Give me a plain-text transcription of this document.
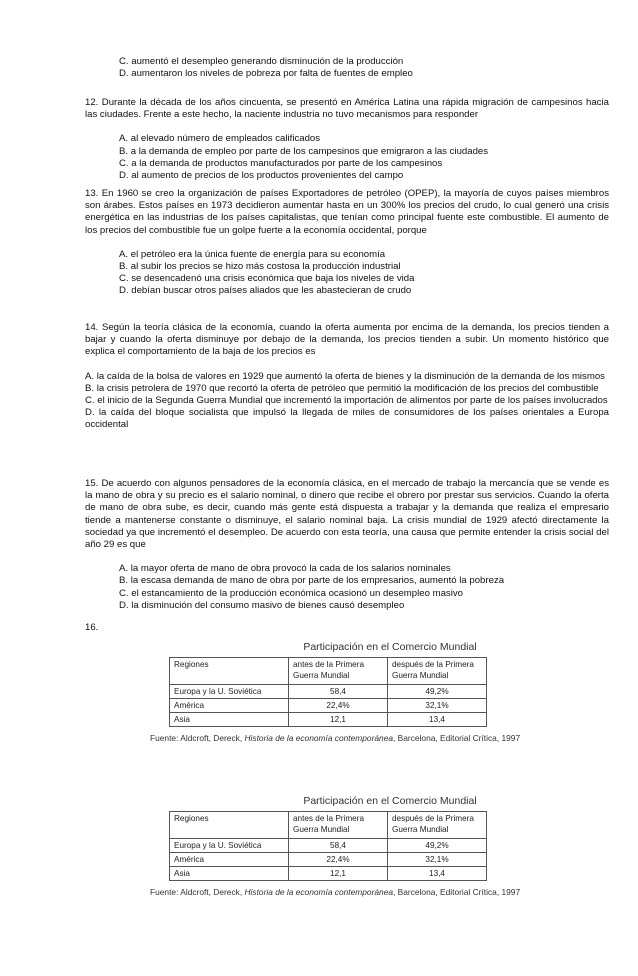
C. aumentó el desempleo generando disminución de la producción

D. aumentaron los niveles de pobreza por falta de fuentes de empleo

12. Durante la década de los años cincuenta, se presentó en América Latina una rápida migración de campesinos hacia las ciudades. Frente a este hecho, la naciente industria no tuvo mecanismos para responder

A. al elevado número de empleados calificados

B. a la demanda de empleo por parte de los campesinos que emigraron a las ciudades

C. a la demanda de productos manufacturados por parte de los campesinos

D. al aumento de precios de los productos provenientes del campo

13. En 1960 se creo la organización de países Exportadores de petróleo (OPEP), la mayoría de cuyos países miembros son árabes. Estos países en 1973 decidieron aumentar hasta en un 300% los precios del crudo, lo cual generó una crisis energética en las industrias de los países capitalistas, que tenían como principal fuente este combustible. El aumento de los precios del combustible fue un golpe fuerte a la economía occidental, porque

A. el petróleo era la única fuente de energía para su economía

B. al subir los precios se hizo más costosa la producción industrial

C. se desencadenó una crisis económica que baja los niveles de vida

D. debían buscar otros países aliados que les abastecieran de crudo

14. Según la teoría clásica de la economía, cuando la oferta aumenta por encima de la demanda, los precios tienden a bajar y cuando la oferta disminuye por debajo de la demanda, los precios tienden a subir. Un momento histórico que explica el comportamiento de la baja de los precios es

A. la caída de la bolsa de valores en 1929 que aumentó la oferta de bienes y la disminución de la demanda de los mismos

B. la crisis petrolera de 1970 que recortó la oferta de petróleo que permitió la modificación de los precios del combustible

C. el inicio de la Segunda Guerra Mundial que incrementó la importación de alimentos por parte de los países involucrados

D. la caída del bloque socialista que impulsó la llegada de miles de consumidores de los países orientales a Europa occidental

15. De acuerdo con algunos pensadores de la economía clásica, en el mercado de trabajo la mercancía que se vende es la mano de obra y su precio es el salario nominal, o dinero que recibe el obrero por prestar sus servicios. Cuando la oferta de mano de obra sube, es decir, cuando más gente está dispuesta a trabajar y la demanda que realiza el empresario tiende a mantenerse constante o disminuye, el salario nominal baja. La crisis mundial de 1929 afectó directamente la sociedad ya que incrementó el desempleo. De acuerdo con esta teoría, una causa que permite entender la crisis social del año 29 es que

A. la mayor oferta de mano de obra provocó la cada de los salarios nominales

B. la escasa demanda de mano de obra por parte de los empresarios, aumentó la pobreza

C. el estancamiento de la producción económica ocasionó un desempleo masivo

D. la disminución del consumo masivo de bienes causó desempleo

16.

Participación en el Comercio Mundial
Regiones	antes de la Primera Guerra Mundial	después de la Primera Guerra Mundial
Europa y la U. Soviética	58,4	49,2%
América	22,4%	32,1%
Asia	12,1	13,4
Fuente: Aldcroft, Dereck, Historia de la economía contemporánea, Barcelona, Editorial Crítica, 1997
Participación en el Comercio Mundial
Regiones	antes de la Primera Guerra Mundial	después de la Primera Guerra Mundial
Europa y la U. Soviética	58,4	49,2%
América	22,4%	32,1%
Asia	12,1	13,4
Fuente: Aldcroft, Dereck, Historia de la economía contemporánea, Barcelona, Editorial Crítica, 1997
